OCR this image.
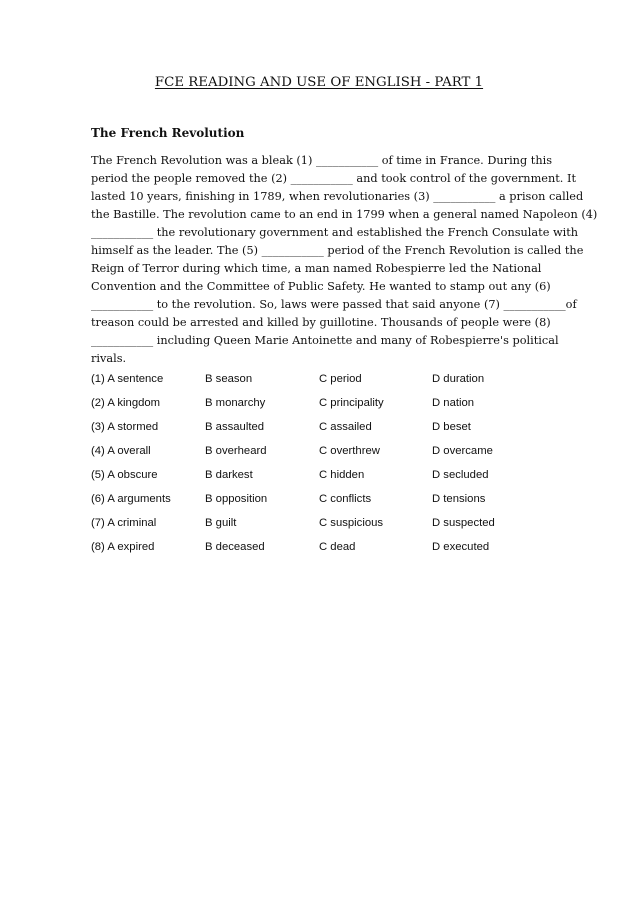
FCE READING AND USE OF ENGLISH - PART 1
The French Revolution
The French Revolution was a bleak (1) ___________ of time in France. During this
period the people removed the (2) ___________ and took control of the government. It
lasted 10 years, finishing in 1789, when revolutionaries (3) ___________ a prison called
the Bastille. The revolution came to an end in 1799 when a general named Napoleon (4)
___________ the revolutionary government and established the French Consulate with
himself as the leader. The (5) ___________ period of the French Revolution is called the
Reign of Terror during which time, a man named Robespierre led the National
Convention and the Committee of Public Safety. He wanted to stamp out any (6)
___________ to the revolution. So, laws were passed that said anyone (7) ___________of
treason could be arrested and killed by guillotine. Thousands of people were (8)
___________ including Queen Marie Antoinette and many of Robespierre's political
rivals.
(1) A sentence	B season	C period	D duration
(2) A kingdom	B monarchy	C principality	D nation
(3) A stormed	B assaulted	C assailed	D beset
(4) A overall	B overheard	C overthrew	D overcame
(5) A obscure	B darkest	C hidden	D secluded
(6) A arguments	B opposition	C conflicts	D tensions
(7) A criminal	B guilt	C suspicious	D suspected
(8) A expired	B deceased	C dead	D executed
